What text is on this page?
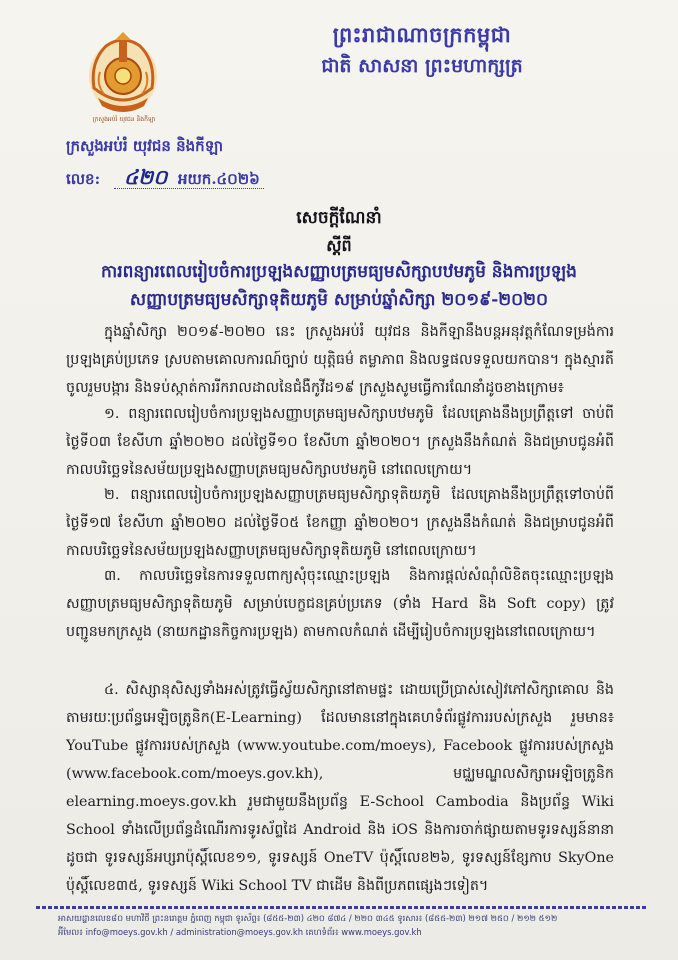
ក្រសួងអប់រំ យុវជន និងកីឡា
ព្រះរាជាណាចក្រកម្ពុជា
ជាតិ សាសនា ព្រះមហាក្សត្រ
ក្រសួងអប់រំ យុវជន និងកីឡា
លេខ: ៤២០ អយក.៤០២៦
សេចក្តីណែនាំ
ស្តីពី
ការពន្យារពេលរៀបចំការប្រឡងសញ្ញាបត្រមធ្យមសិក្សាបឋមភូមិ និងការប្រឡង
សញ្ញាបត្រមធ្យមសិក្សាទុតិយភូមិ សម្រាប់ឆ្នាំសិក្សា ២០១៩-២០២០
ក្នុងឆ្នាំសិក្សា ២០១៩-២០២០ នេះ ក្រសួងអប់រំ យុវជន និងកីឡានឹងបន្តអនុវត្តកំណែទម្រង់ការប្រឡងគ្រប់ប្រភេទ ស្របតាមគោលការណ៍ច្បាប់ យុត្តិធម៌ តម្លាភាព និងលទ្ធផលទទួលយកបាន។ ក្នុងស្មារតីចូលរួមបង្ការ និងទប់ស្កាត់ការរីករាលដាលនៃជំងឺកូវីដ១៩ ក្រសួងសូមធ្វើការណែនាំដូចខាងក្រោម៖
១. ពន្យារពេលរៀបចំការប្រឡងសញ្ញាបត្រមធ្យមសិក្សាបឋមភូមិ ដែលគ្រោងនឹងប្រព្រឹត្តទៅ ចាប់ពីថ្ងៃទី០៣ ខែសីហា ឆ្នាំ២០២០ ដល់ថ្ងៃទី១០ ខែសីហា ឆ្នាំ២០២០។ ក្រសួងនឹងកំណត់ និងជម្រាបជូនអំពីកាលបរិច្ឆេទនៃសម័យប្រឡងសញ្ញាបត្រមធ្យមសិក្សាបឋមភូមិ នៅពេលក្រោយ។
២. ពន្យារពេលរៀបចំការប្រឡងសញ្ញាបត្រមធ្យមសិក្សាទុតិយភូមិ ដែលគ្រោងនឹងប្រព្រឹត្តទៅចាប់ពីថ្ងៃទី១៧ ខែសីហា ឆ្នាំ២០២០ ដល់ថ្ងៃទី០៥ ខែកញ្ញា ឆ្នាំ២០២០។ ក្រសួងនឹងកំណត់ និងជម្រាបជូនអំពីកាលបរិច្ឆេទនៃសម័យប្រឡងសញ្ញាបត្រមធ្យមសិក្សាទុតិយភូមិ នៅពេលក្រោយ។
៣. កាលបរិច្ឆេទនៃការទទួលពាក្យសុំចុះឈ្មោះប្រឡង និងការផ្តល់សំណុំលិខិតចុះឈ្មោះប្រឡងសញ្ញាបត្រមធ្យមសិក្សាទុតិយភូមិ សម្រាប់បេក្ខជនគ្រប់ប្រភេទ (ទាំង Hard និង Soft copy) ត្រូវបញ្ជូនមកក្រសួង (នាយកដ្ឋានកិច្ចការប្រឡង) តាមកាលកំណត់ ដើម្បីរៀបចំការប្រឡងនៅពេលក្រោយ។
៤. សិស្សានុសិស្សទាំងអស់ត្រូវធ្វើស្វ័យសិក្សានៅតាមផ្ទះ ដោយប្រើប្រាស់សៀវភៅសិក្សាគោល និងតាមរយៈប្រព័ន្ធអេឡិចត្រូនិក(E-Learning) ដែលមាននៅក្នុងគេហទំព័រផ្លូវការរបស់ក្រសួង រួមមាន៖ YouTube ផ្លូវការរបស់ក្រសួង (www.youtube.com/moeys), Facebook ផ្លូវការរបស់ក្រសួង (www.facebook.com/moeys.gov.kh), មជ្ឈមណ្ឌលសិក្សាអេឡិចត្រូនិក elearning.moeys.gov.kh រួមជាមួយនឹងប្រព័ន្ធ E-School Cambodia និងប្រព័ន្ធ Wiki School ទាំងលើប្រព័ន្ធដំណើរការទូរស័ព្ទដៃ Android និង iOS និងការចាក់ផ្សាយតាមទូរទស្សន៍នានា ដូចជា ទូរទស្សន៍អប្សរាប៉ុស្តិ៍លេខ១១, ទូរទស្សន៍ OneTV ប៉ុស្តិ៍លេខ២៦, ទូរទស្សន៍ខ្សែកាប SkyOne ប៉ុស្តិ៍លេខ៣៥, ទូរទស្សន៍ Wiki School TV ជាដើម និងពីប្រភពផ្សេងៗទៀត។
អាសយដ្ឋានលេខ៨០ មហាវិថី ព្រះនរោត្តម ភ្នំពេញ កម្ពុជា ទូរស័ព្ទ៖ (៨៥៥-២៣) ៤២០ ៨៧៤ / ២២០ ៣៤៥ ទូរសារ៖ (៨៥៥-២៣) ២១៧ ២៥០ / ២១២ ៥១២
អ៊ីមែល៖ info@moeys.gov.kh / administration@moeys.gov.kh គេហទំព័រ៖ www.moeys.gov.kh
